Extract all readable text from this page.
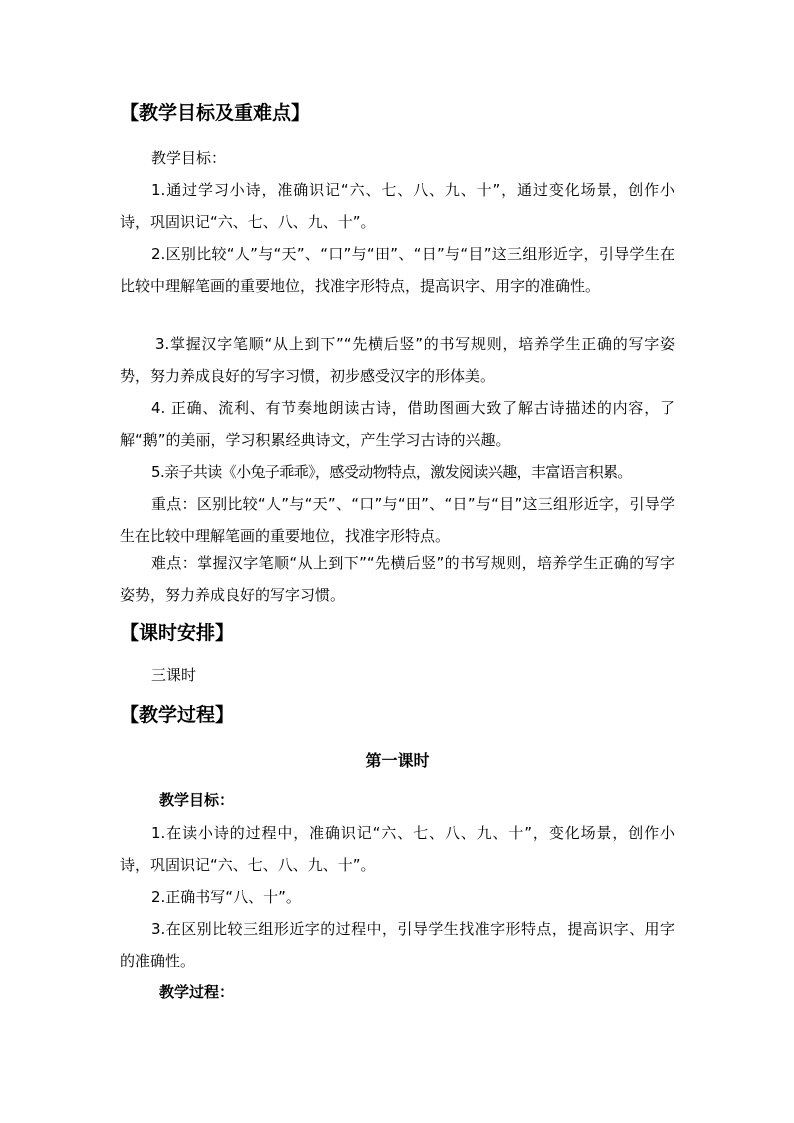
【教学目标及重难点】
教学目标：
1.通过学习小诗，准确识记“六、七、八、九、十”，通过变化场景，创作小诗，巩固识记“六、七、八、九、十”。
2.区别比较“人”与“天”、“口”与“田”、“日”与“目”这三组形近字，引导学生在比较中理解笔画的重要地位，找准字形特点，提高识字、用字的准确性。
3.掌握汉字笔顺“从上到下”“先横后竖”的书写规则，培养学生正确的写字姿势，努力养成良好的写字习惯，初步感受汉字的形体美。
4. 正确、流利、有节奏地朗读古诗，借助图画大致了解古诗描述的内容，了解“鹅”的美丽，学习积累经典诗文，产生学习古诗的兴趣。
5.亲子共读《小兔子乖乖》，感受动物特点，激发阅读兴趣，丰富语言积累。
重点：区别比较“人”与“天”、“口”与“田”、“日”与“目”这三组形近字，引导学生在比较中理解笔画的重要地位，找准字形特点。
难点：掌握汉字笔顺“从上到下”“先横后竖”的书写规则，培养学生正确的写字姿势，努力养成良好的写字习惯。
【课时安排】
三课时
【教学过程】
第一课时
教学目标：
1.在读小诗的过程中，准确识记“六、七、八、九、十”，变化场景，创作小诗，巩固识记“六、七、八、九、十”。
2.正确书写“八、十”。
3.在区别比较三组形近字的过程中，引导学生找准字形特点，提高识字、用字的准确性。
教学过程：
